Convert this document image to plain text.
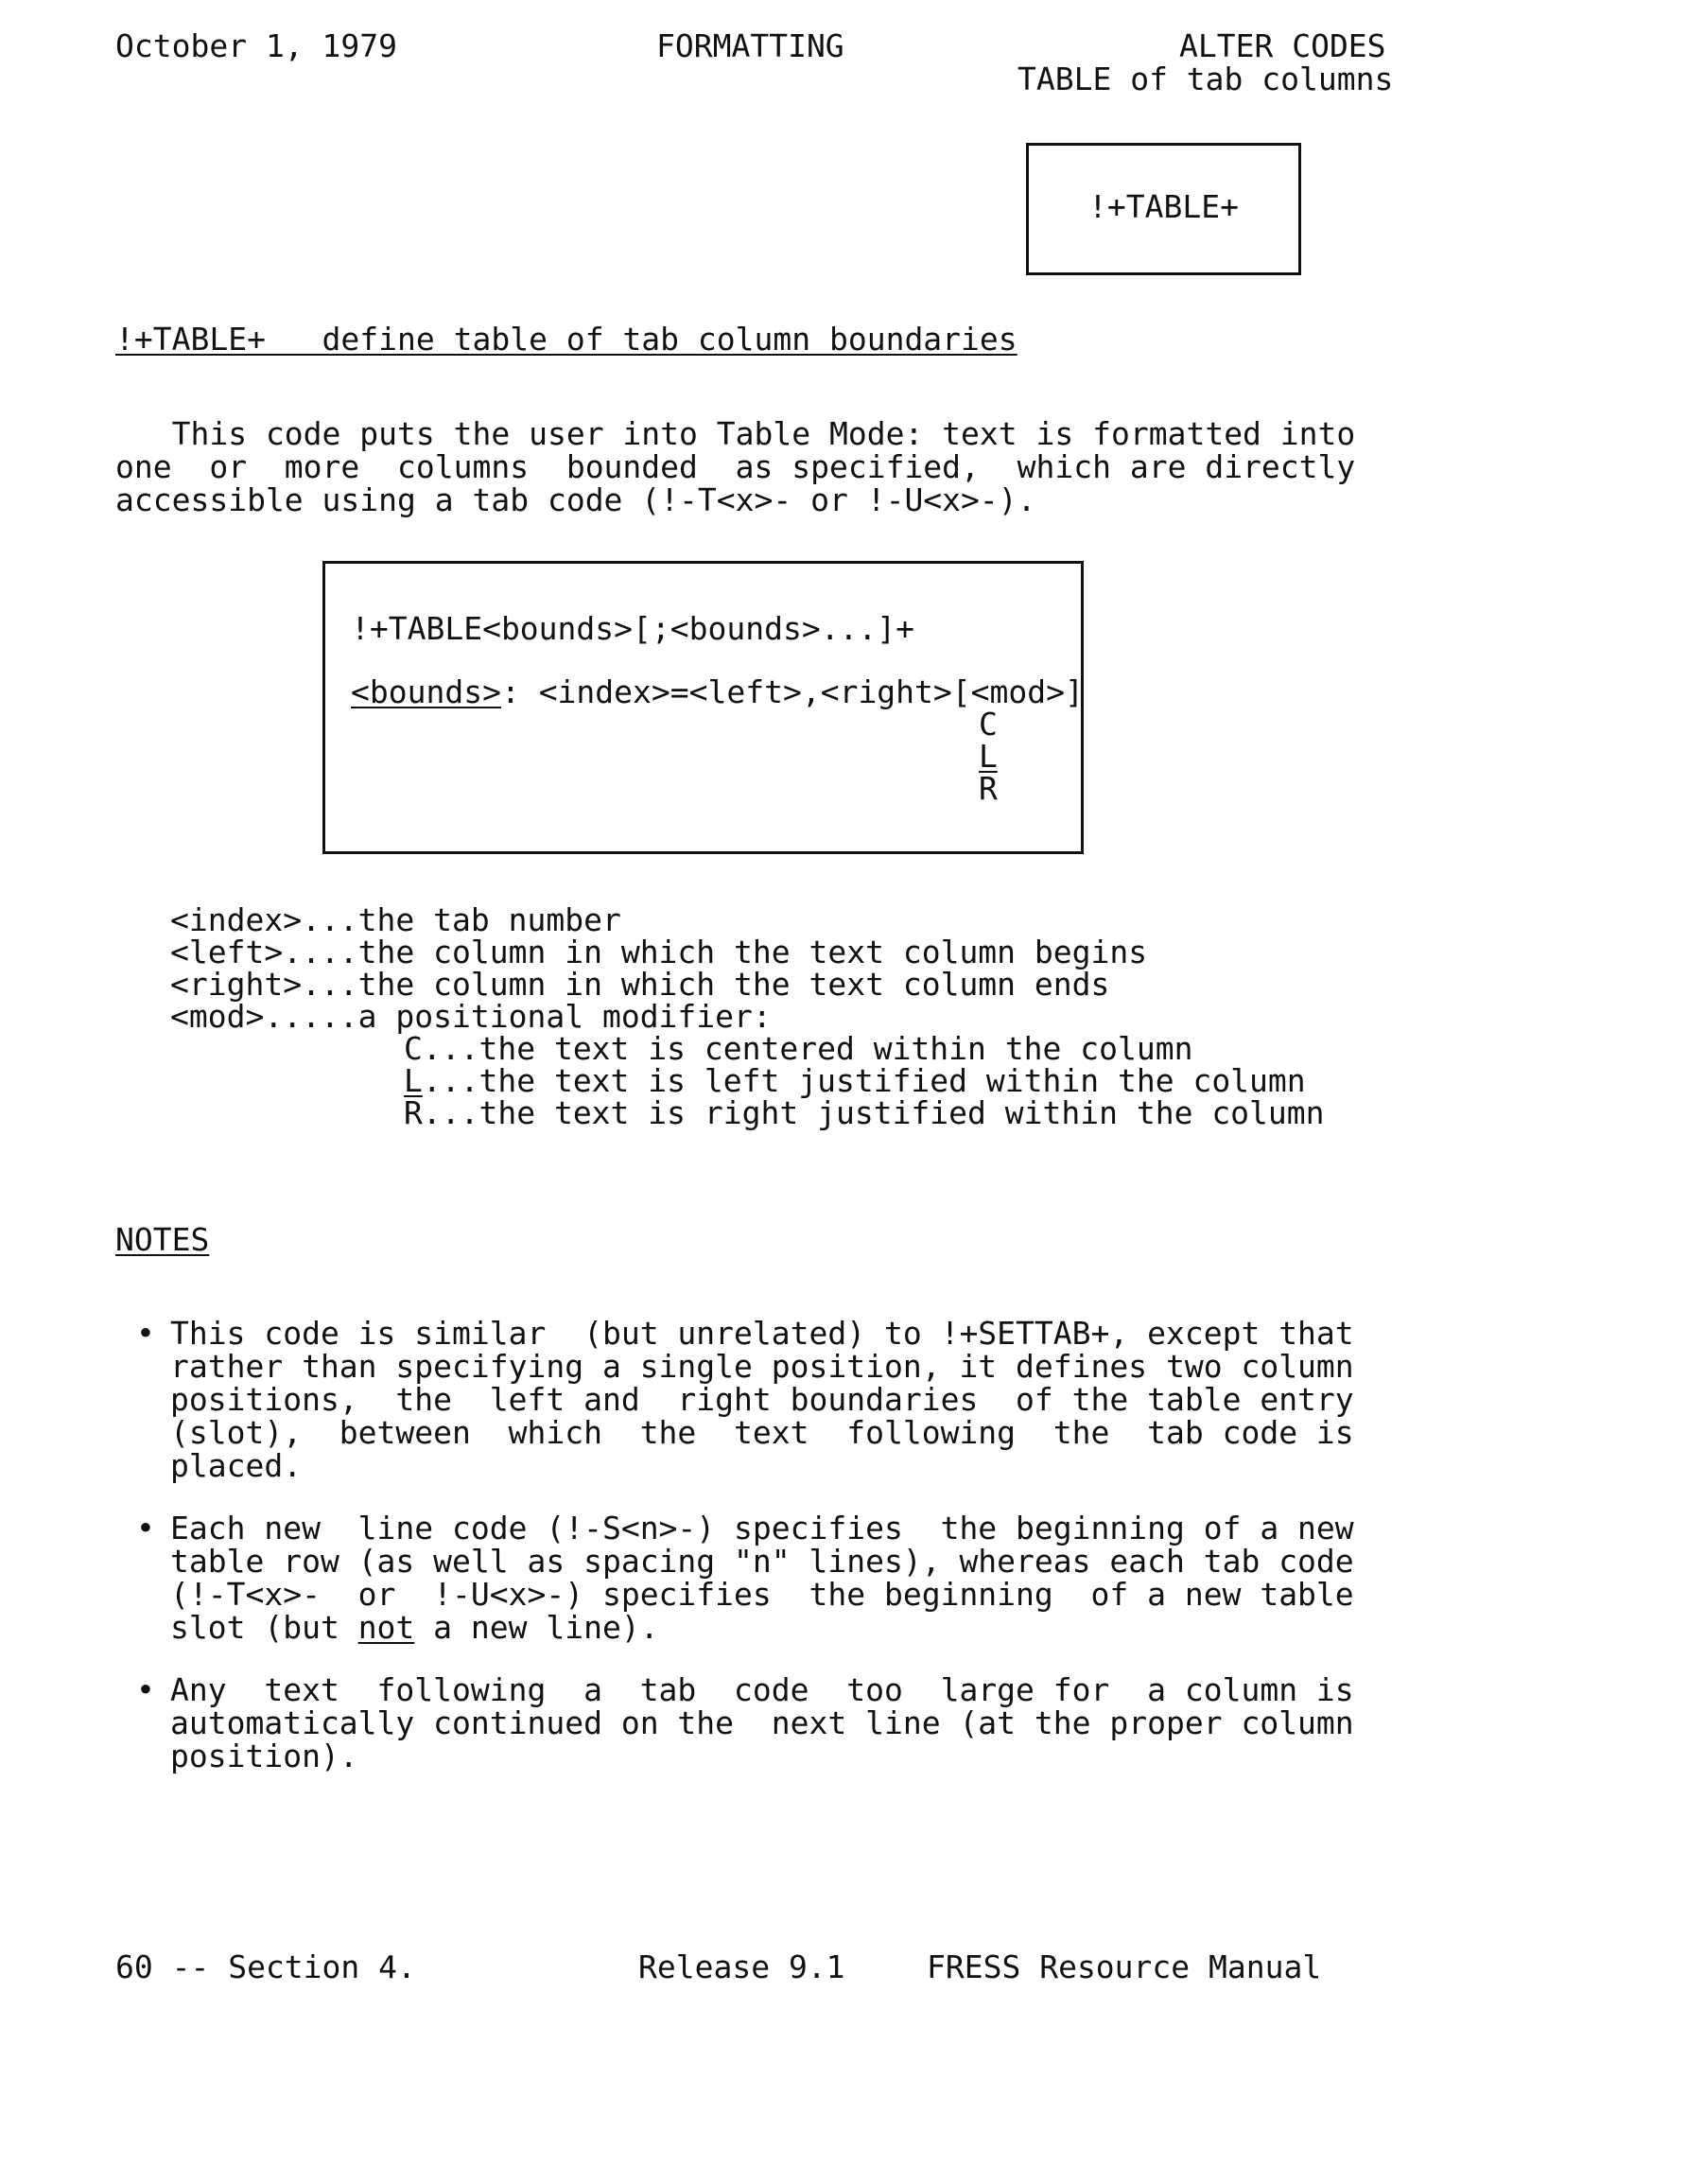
October 1, 1979	FORMATTING	ALTER CODES
TABLE of tab columns
!+TABLE+
!+TABLE+   define table of tab column boundaries
This code puts the user into Table Mode: text is formatted into
one  or  more  columns  bounded  as specified,  which are directly
accessible using a tab code (!-T<x>- or !-U<x>-).
!+TABLE<bounds>[;<bounds>...]+
<bounds>: <index>=<left>,<right>[<mod>]
C
L
R
<index>...the tab number
<left>....the column in which the text column begins
<right>...the column in which the text column ends
<mod>.....a positional modifier:
C...the text is centered within the column
L...the text is left justified within the column
R...the text is right justified within the column
NOTES
• This code is similar  (but unrelated) to !+SETTAB+, except that
rather than specifying a single position, it defines two column
positions,  the  left and  right boundaries  of the table entry
(slot),  between  which  the  text  following  the  tab code is
placed.
• Each new  line code (!-S<n>-) specifies  the beginning of a new
table row (as well as spacing "n" lines), whereas each tab code
(!-T<x>-  or  !-U<x>-) specifies  the beginning  of a new table
slot (but not a new line).
• Any  text  following  a  tab  code  too  large for  a column is
automatically continued on the  next line (at the proper column
position).
60 -- Section 4.	Release 9.1	FRESS Resource Manual
